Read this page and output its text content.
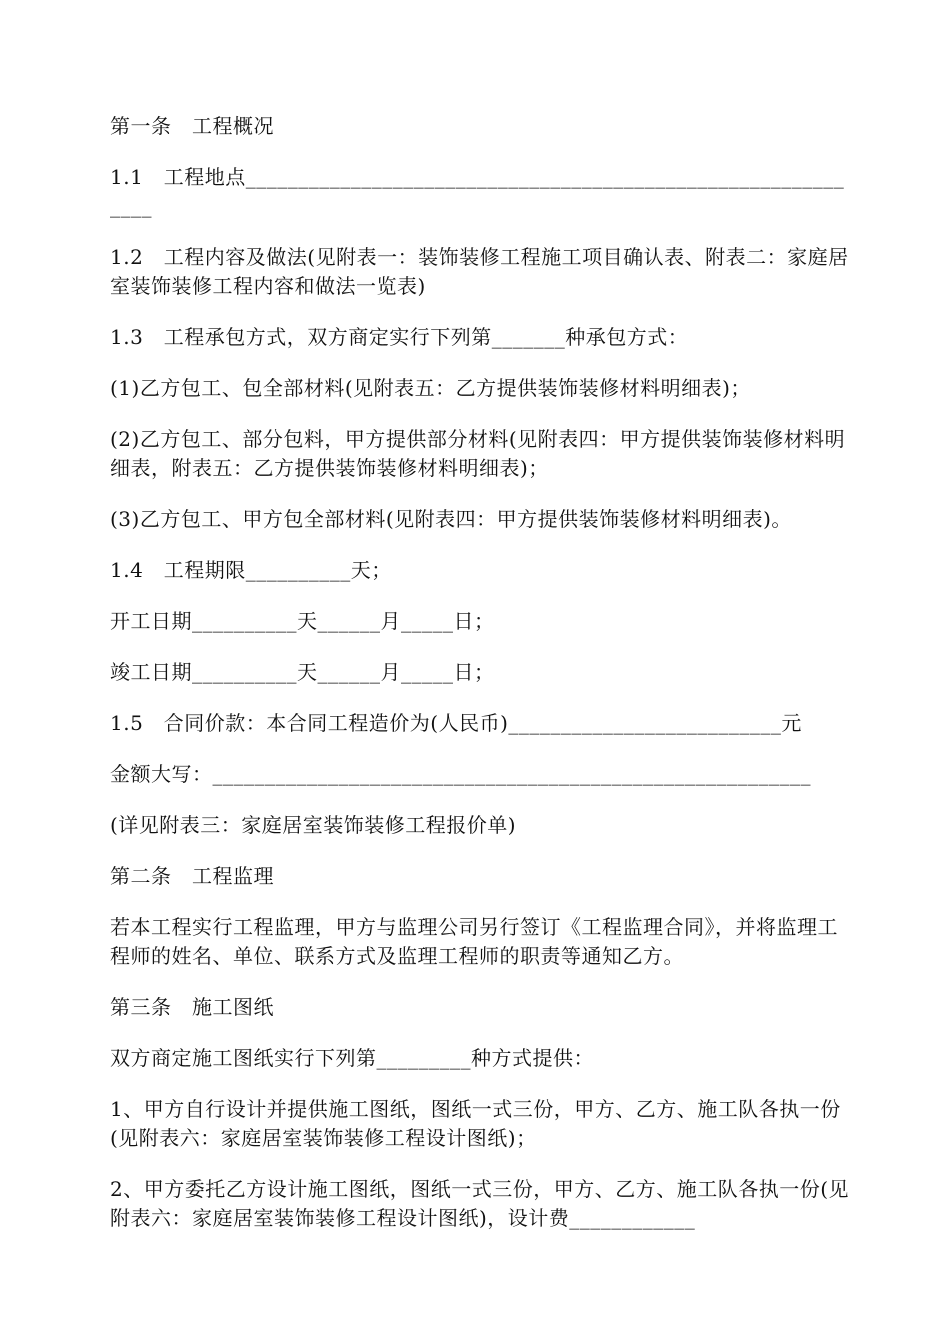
第一条　工程概况

1.1　工程地点_____________________________________________________________

1.2　工程内容及做法(见附表一：装饰装修工程施工项目确认表、附表二：家庭居室装饰装修工程内容和做法一览表)

1.3　工程承包方式，双方商定实行下列第_______种承包方式：

(1)乙方包工、包全部材料(见附表五：乙方提供装饰装修材料明细表)；

(2)乙方包工、部分包料，甲方提供部分材料(见附表四：甲方提供装饰装修材料明细表，附表五：乙方提供装饰装修材料明细表)；

(3)乙方包工、甲方包全部材料(见附表四：甲方提供装饰装修材料明细表)。

1.4　工程期限__________天；

开工日期__________天______月_____日；

竣工日期__________天______月_____日；

1.5　合同价款：本合同工程造价为(人民币)__________________________元

金额大写：_________________________________________________________

(详见附表三：家庭居室装饰装修工程报价单)

第二条　工程监理

若本工程实行工程监理，甲方与监理公司另行签订《工程监理合同》，并将监理工程师的姓名、单位、联系方式及监理工程师的职责等通知乙方。

第三条　施工图纸

双方商定施工图纸实行下列第_________种方式提供：

1、甲方自行设计并提供施工图纸，图纸一式三份，甲方、乙方、施工队各执一份(见附表六：家庭居室装饰装修工程设计图纸)；

2、甲方委托乙方设计施工图纸，图纸一式三份，甲方、乙方、施工队各执一份(见附表六：家庭居室装饰装修工程设计图纸)，设计费____________
